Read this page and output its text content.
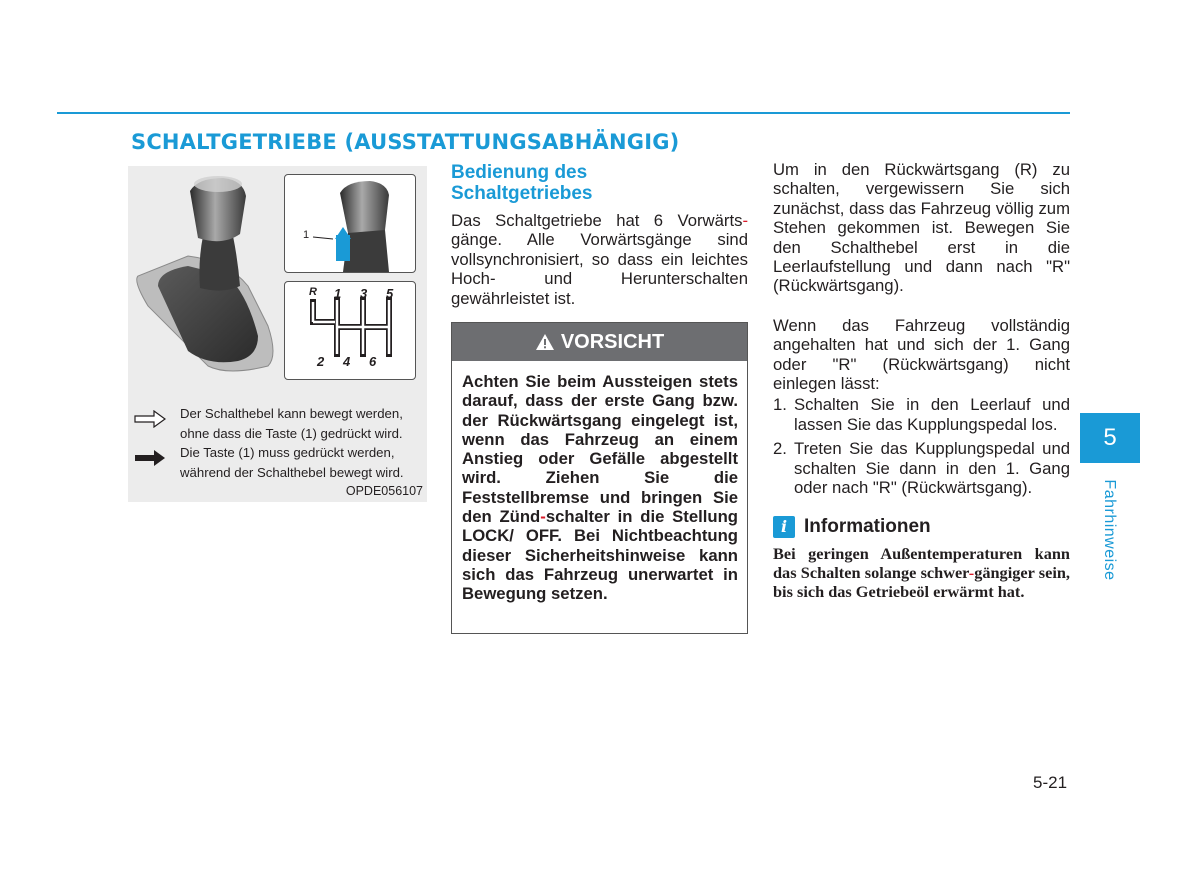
SCHALTGETRIEBE (AUSSTATTUNGSABHÄNGIG)
1
R 1 3 5
2 4 6
Der Schalthebel kann bewegt werden, ohne dass die Taste (1) gedrückt wird.
Die Taste (1) muss gedrückt werden, während der Schalthebel bewegt wird.
OPDE056107
Bedienung des
Schaltgetriebes

Das Schaltgetriebe hat 6 Vorwärts-gänge. Alle Vorwärtsgänge sind vollsynchronisiert, so dass ein leichtes Hoch- und Herunterschalten gewährleistet ist.

VORSICHT
Achten Sie beim Aussteigen stets darauf, dass der erste Gang bzw. der Rückwärtsgang eingelegt ist, wenn das Fahrzeug an einem Anstieg oder Gefälle abgestellt wird. Ziehen Sie die Feststellbremse und bringen Sie den Zünd-schalter in die Stellung LOCK/ OFF. Bei Nichtbeachtung dieser Sicherheitshinweise kann sich das Fahrzeug unerwartet in Bewegung setzen.

Um in den Rückwärtsgang (R) zu schalten, vergewissern Sie sich zunächst, dass das Fahrzeug völlig zum Stehen gekommen ist. Bewegen Sie den Schalthebel erst in die Leerlaufstellung und dann nach "R" (Rückwärtsgang).

Wenn das Fahrzeug vollständig angehalten hat und sich der 1. Gang oder "R" (Rückwärtsgang) nicht einlegen lässt:

1. Schalten Sie in den Leerlauf und lassen Sie das Kupplungspedal los.
2. Treten Sie das Kupplungspedal und schalten Sie dann in den 1. Gang oder nach "R" (Rückwärtsgang).
i Informationen
Bei geringen Außentemperaturen kann das Schalten solange schwer-gängiger sein, bis sich das Getriebeöl erwärmt hat.
5
Fahrhinweise
5-21
